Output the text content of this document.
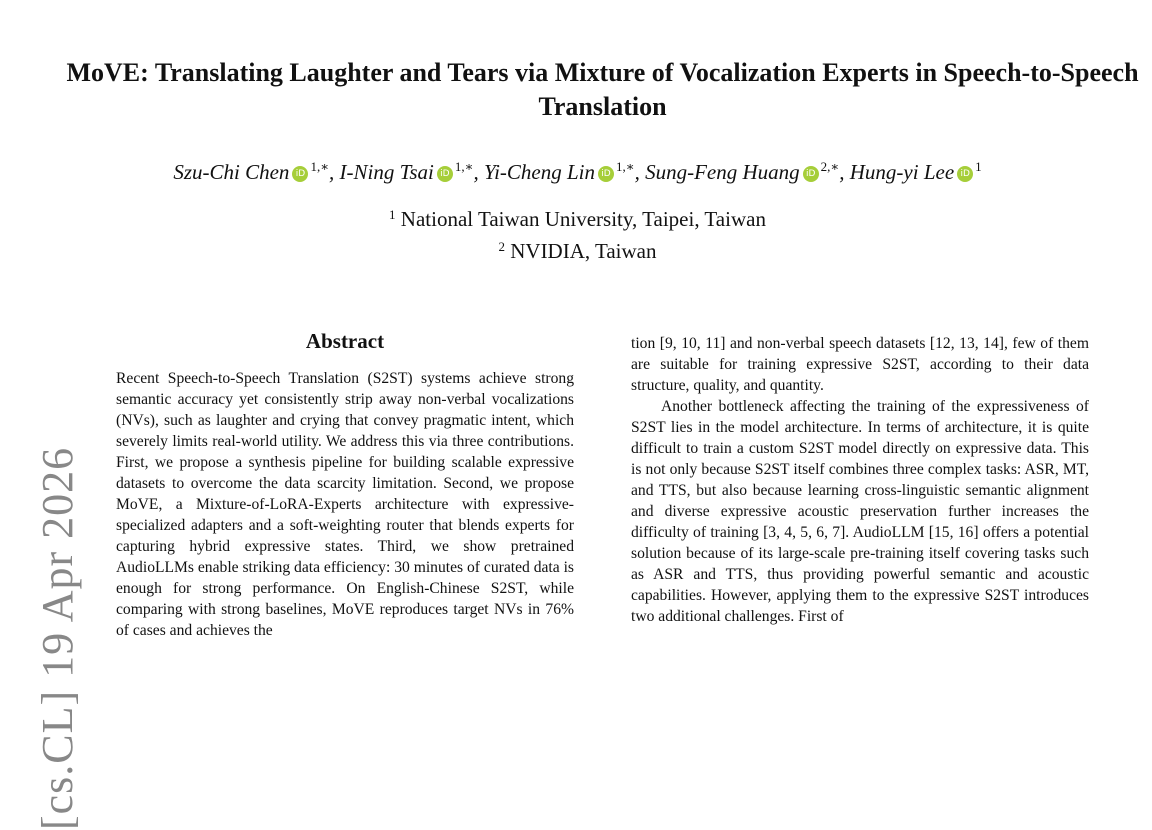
[cs.CL] 19 Apr 2026
MoVE: Translating Laughter and Tears via Mixture of Vocalization Experts in Speech-to-Speech Translation
Szu-Chi Chen iD $^{1,∗}$, I-Ning Tsai iD $^{1,∗}$, Yi-Cheng Lin iD $^{1,∗}$, Sung-Feng Huang iD $^{2,∗}$, Hung-yi Lee iD $^1$
$^1$ National Taiwan University, Taipei, Taiwan
$^2$ NVIDIA, Taiwan
Abstract

Recent Speech-to-Speech Translation (S2ST) systems achieve strong semantic accuracy yet consistently strip away non-verbal vocalizations (NVs), such as laughter and crying that convey pragmatic intent, which severely limits real-world utility. We address this via three contributions. First, we propose a synthesis pipeline for building scalable expressive datasets to overcome the data scarcity limitation. Second, we propose MoVE, a Mixture-of-LoRA-Experts architecture with expressive-specialized adapters and a soft-weighting router that blends experts for capturing hybrid expressive states. Third, we show pretrained AudioLLMs enable striking data efficiency: 30 minutes of curated data is enough for strong performance. On English-Chinese S2ST, while comparing with strong baselines, MoVE reproduces target NVs in 76% of cases and achieves the

tion [9, 10, 11] and non-verbal speech datasets [12, 13, 14], few of them are suitable for training expressive S2ST, according to their data structure, quality, and quantity.

Another bottleneck affecting the training of the expressiveness of S2ST lies in the model architecture. In terms of architecture, it is quite difficult to train a custom S2ST model directly on expressive data. This is not only because S2ST itself combines three complex tasks: ASR, MT, and TTS, but also because learning cross-linguistic semantic alignment and diverse expressive acoustic preservation further increases the difficulty of training [3, 4, 5, 6, 7]. AudioLLM [15, 16] offers a potential solution because of its large-scale pre-training itself covering tasks such as ASR and TTS, thus providing powerful semantic and acoustic capabilities. However, applying them to the expressive S2ST introduces two additional challenges. First of
